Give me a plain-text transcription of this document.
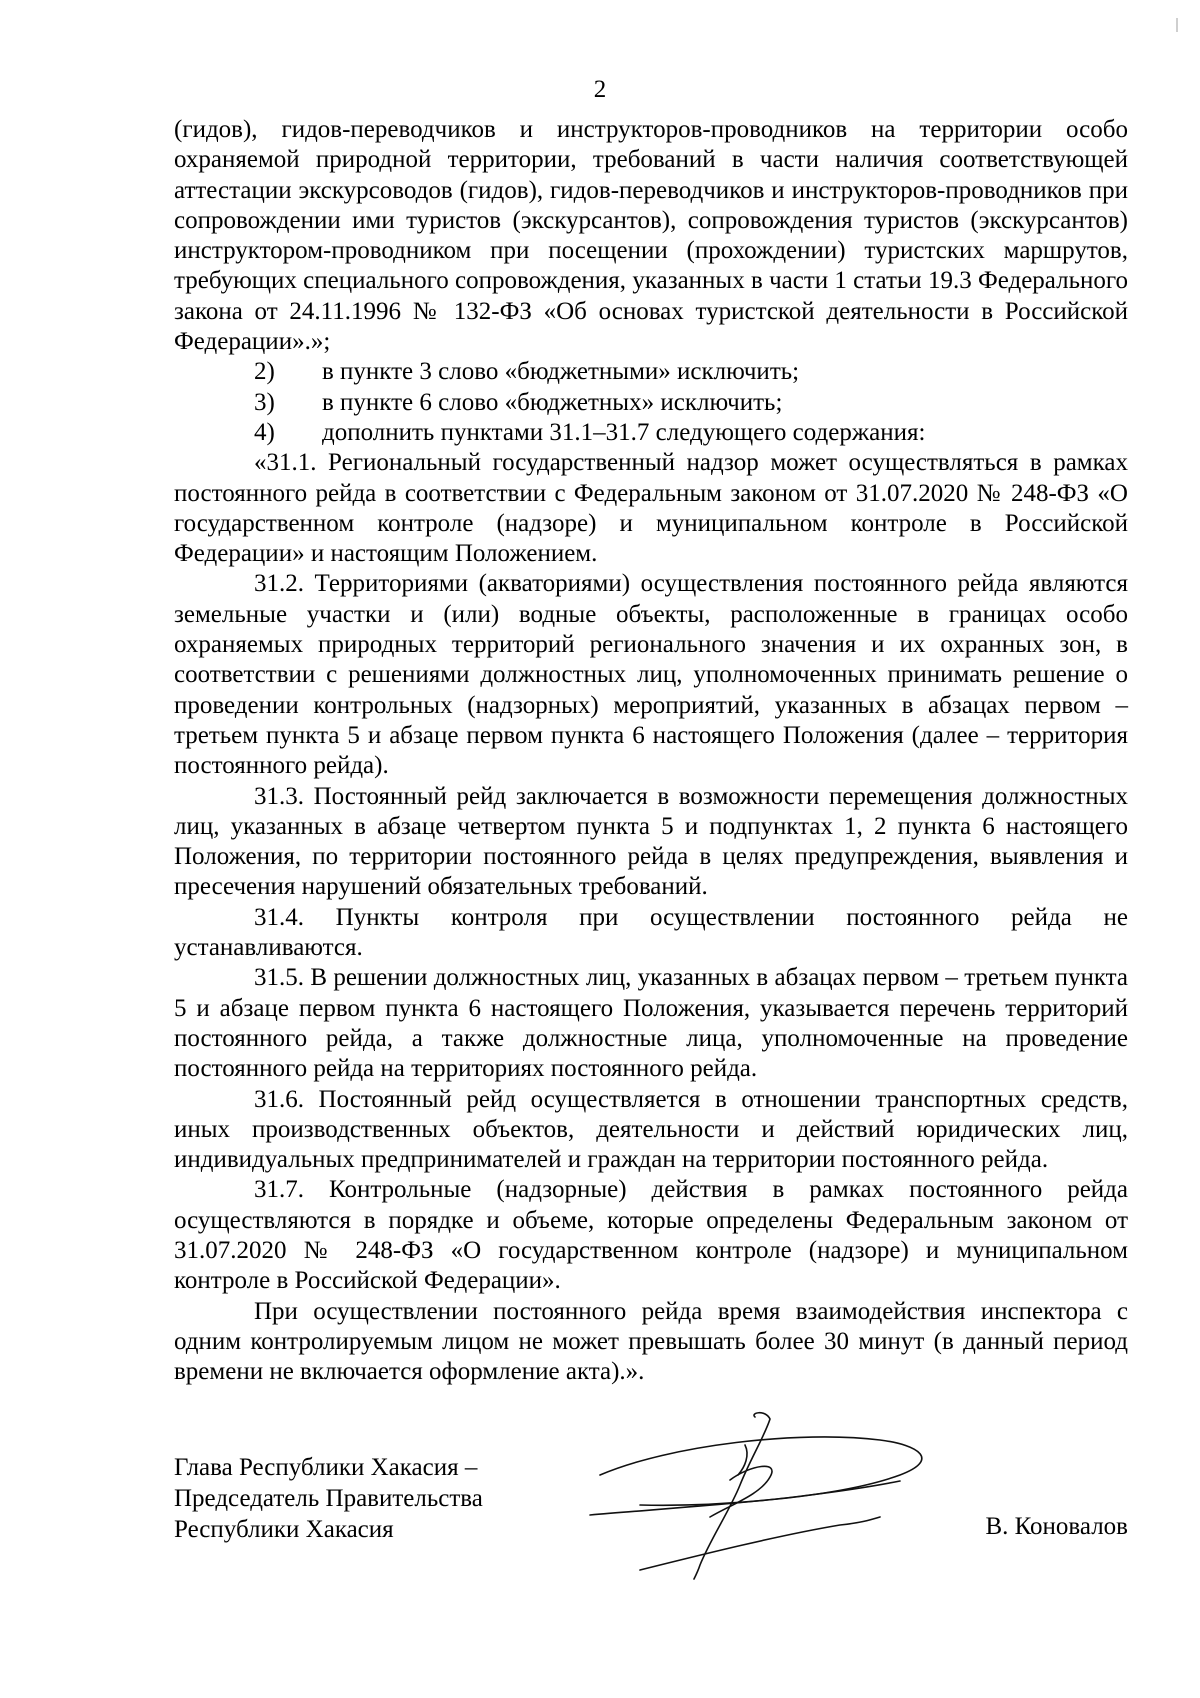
2

(гидов), гидов-переводчиков и инструкторов-проводников на территории особо охраняемой природной территории, требований в части наличия соответствующей аттестации экскурсоводов (гидов), гидов-переводчиков и инструкторов-проводников при сопровождении ими туристов (экскурсантов), сопровождения туристов (экскурсантов) инструктором-проводником при посещении (прохождении) туристских маршрутов, требующих специального сопровождения, указанных в части 1 статьи 19.3 Федерального закона от 24.11.1996 № 132-ФЗ «Об основах туристской деятельности в Российской Федерации».»;

2)	в пункте 3 слово «бюджетными» исключить;
3)	в пункте 6 слово «бюджетных» исключить;
4)	дополнить пунктами 31.1–31.7 следующего содержания:

«31.1. Региональный государственный надзор может осуществляться в рамках постоянного рейда в соответствии с Федеральным законом от 31.07.2020 № 248-ФЗ «О государственном контроле (надзоре) и муниципальном контроле в Российской Федерации» и настоящим Положением.

31.2. Территориями (акваториями) осуществления постоянного рейда являются земельные участки и (или) водные объекты, расположенные в границах особо охраняемых природных территорий регионального значения и их охранных зон, в соответствии с решениями должностных лиц, уполномоченных принимать решение о проведении контрольных (надзорных) мероприятий, указанных в абзацах первом – третьем пункта 5 и абзаце первом пункта 6 настоящего Положения (далее – территория постоянного рейда).

31.3. Постоянный рейд заключается в возможности перемещения должностных лиц, указанных в абзаце четвертом пункта 5 и подпунктах 1, 2 пункта 6 настоящего Положения, по территории постоянного рейда в целях предупреждения, выявления и пресечения нарушений обязательных требований.

31.4. Пункты контроля при осуществлении постоянного рейда не устанавливаются.

31.5. В решении должностных лиц, указанных в абзацах первом – третьем пункта 5 и абзаце первом пункта 6 настоящего Положения, указывается перечень территорий постоянного рейда, а также должностные лица, уполномоченные на проведение постоянного рейда на территориях постоянного рейда.

31.6. Постоянный рейд осуществляется в отношении транспортных средств, иных производственных объектов, деятельности и действий юридических лиц, индивидуальных предпринимателей и граждан на территории постоянного рейда.

31.7. Контрольные (надзорные) действия в рамках постоянного рейда осуществляются в порядке и объеме, которые определены Федеральным законом от 31.07.2020 № 248-ФЗ «О государственном контроле (надзоре) и муниципальном контроле в Российской Федерации».

При осуществлении постоянного рейда время взаимодействия инспектора с одним контролируемым лицом не может превышать более 30 минут (в данный период времени не включается оформление акта).».

Глава Республики Хакасия –
Председатель Правительства
Республики Хакасия	В. Коновалов
